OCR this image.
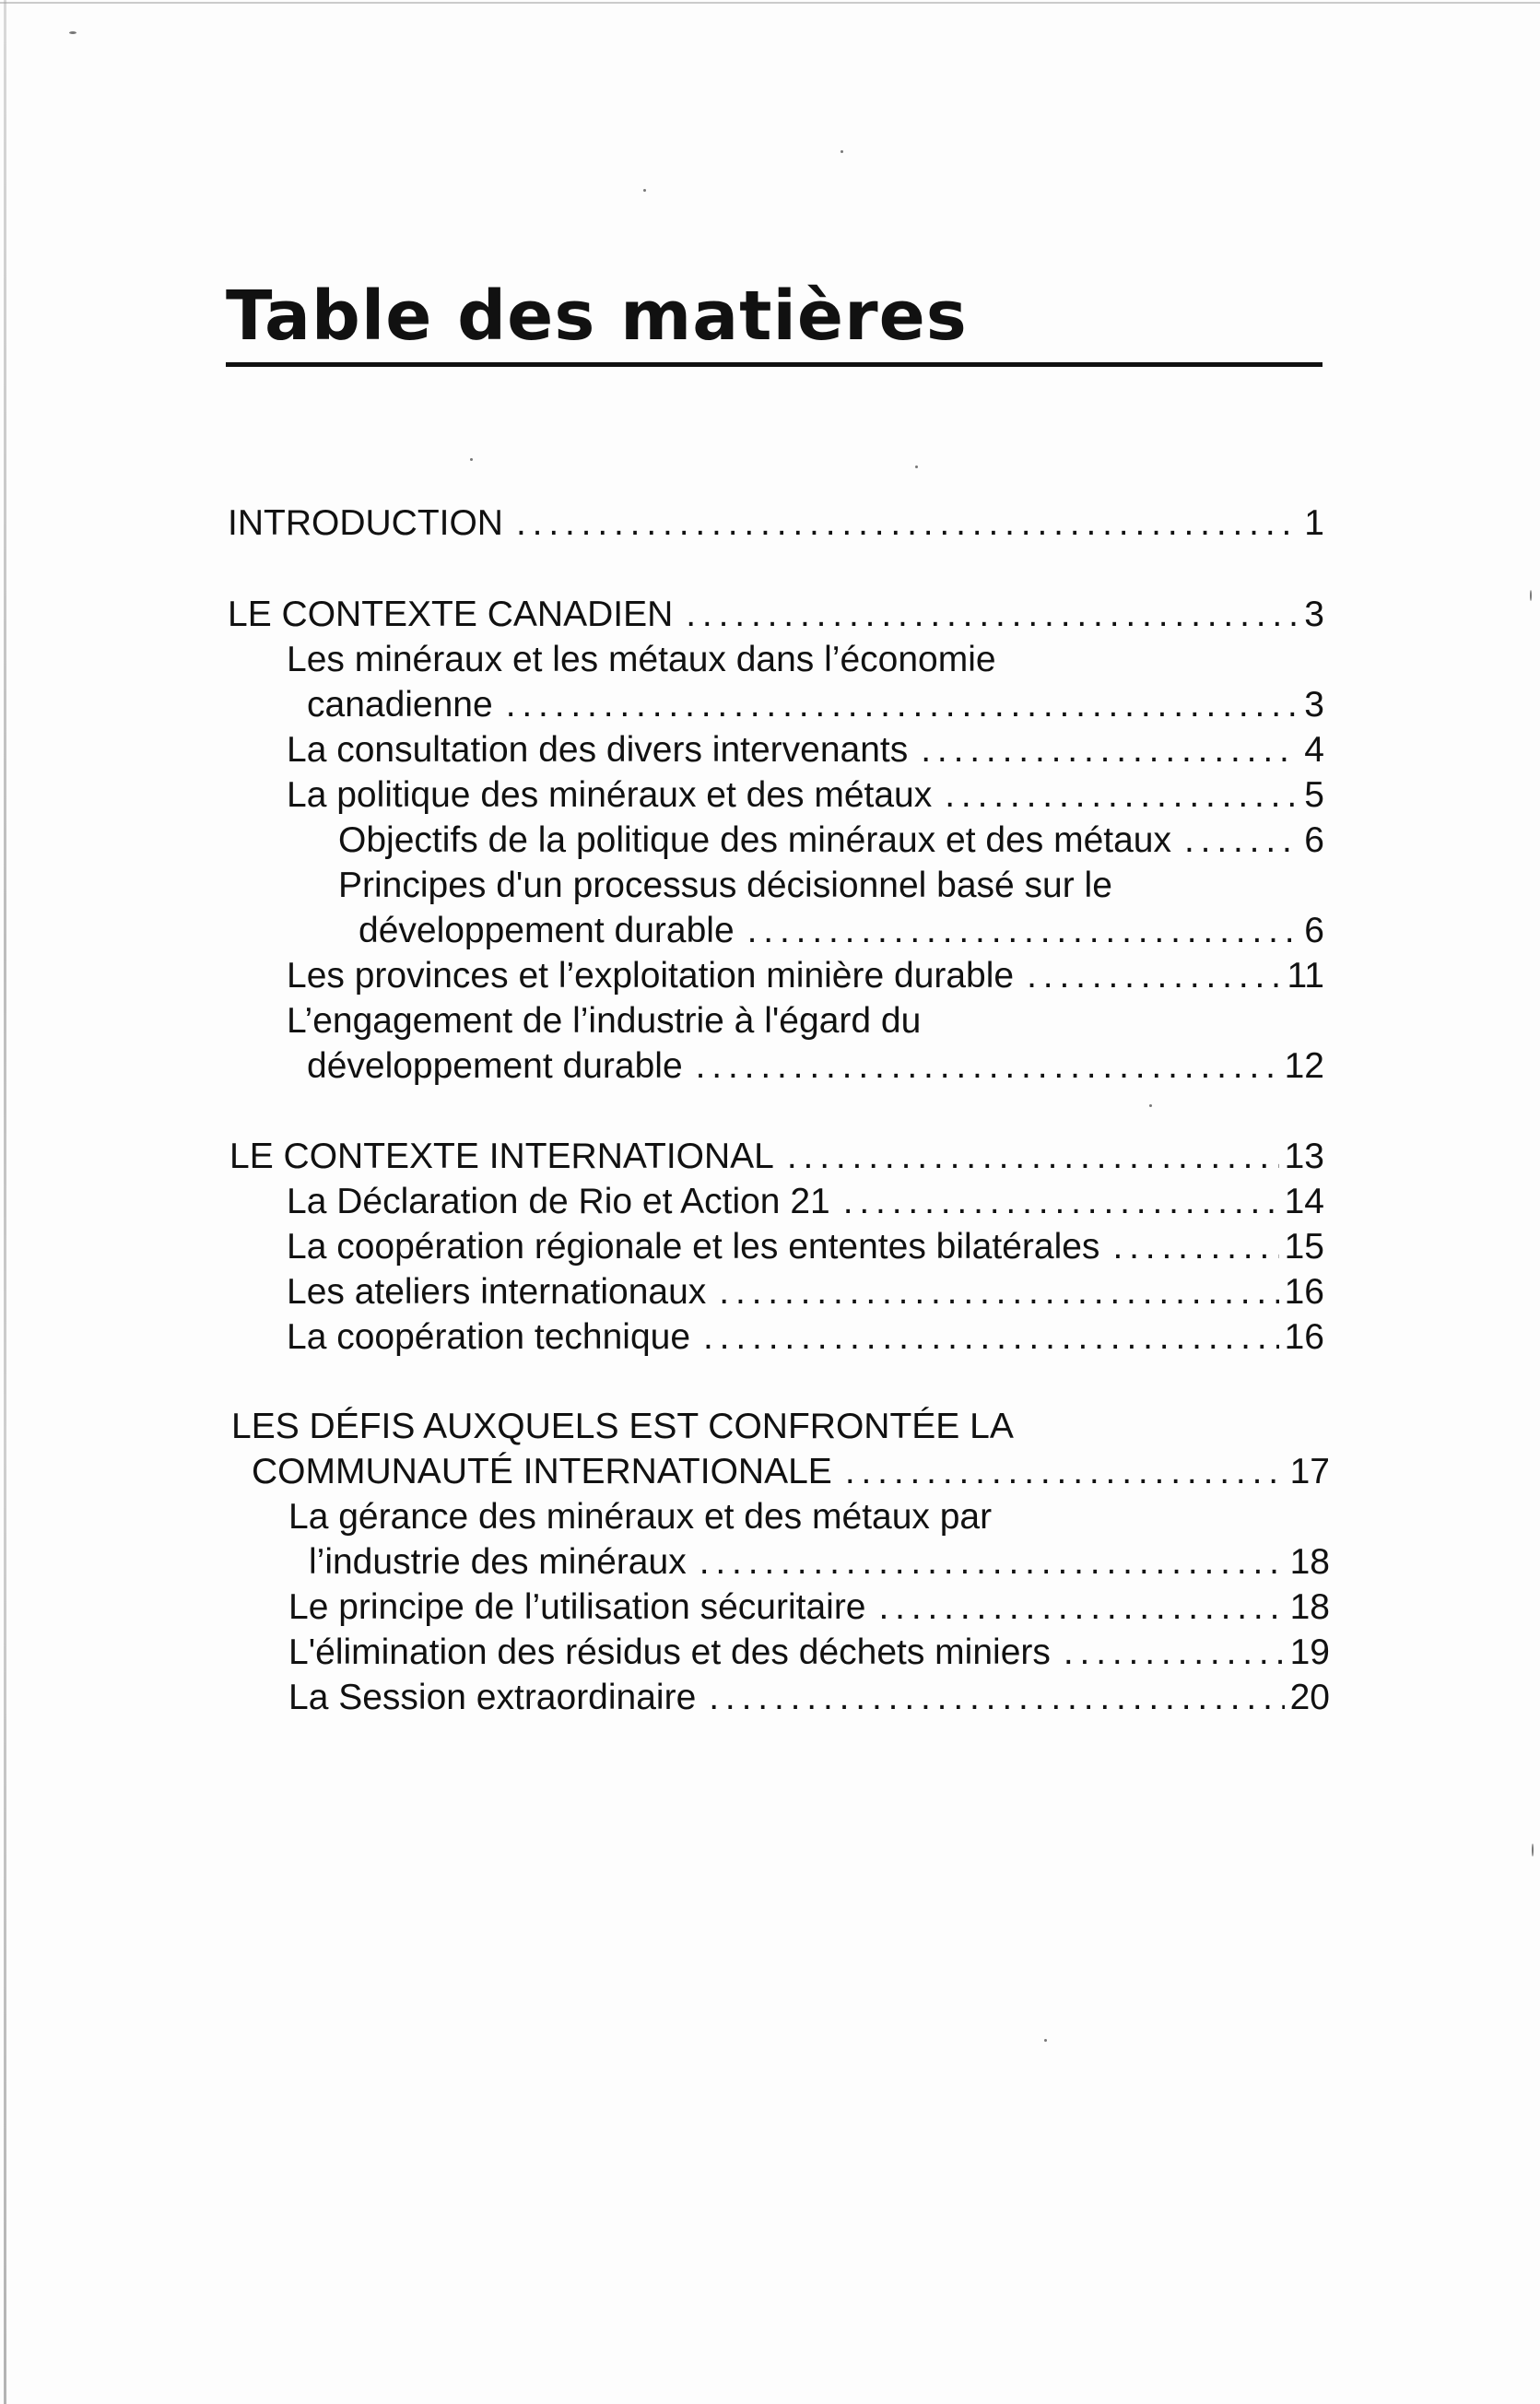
Table des matières
INTRODUCTION . . .	1
LE CONTEXTE CANADIEN . . .	3
Les minéraux et les métaux dans l’économie
canadienne . . .	3
La consultation des divers intervenants . . .	4
La politique des minéraux et des métaux . . .	5
Objectifs de la politique des minéraux et des métaux . . .	6
Principes d'un processus décisionnel basé sur le
développement durable . . .	6
Les provinces et l’exploitation minière durable . . .	11
L’engagement de l’industrie à l'égard du
développement durable . . .	12
LE CONTEXTE INTERNATIONAL . . .	13
La Déclaration de Rio et Action 21 . . .	14
La coopération régionale et les ententes bilatérales . . .	15
Les ateliers internationaux . . .	16
La coopération technique . . .	16
LES DÉFIS AUXQUELS EST CONFRONTÉE LA
COMMUNAUTÉ INTERNATIONALE . . .	17
La gérance des minéraux et des métaux par
l’industrie des minéraux . . .	18
Le principe de l’utilisation sécuritaire . . .	18
L'élimination des résidus et des déchets miniers . . .	19
La Session extraordinaire . . .	20
